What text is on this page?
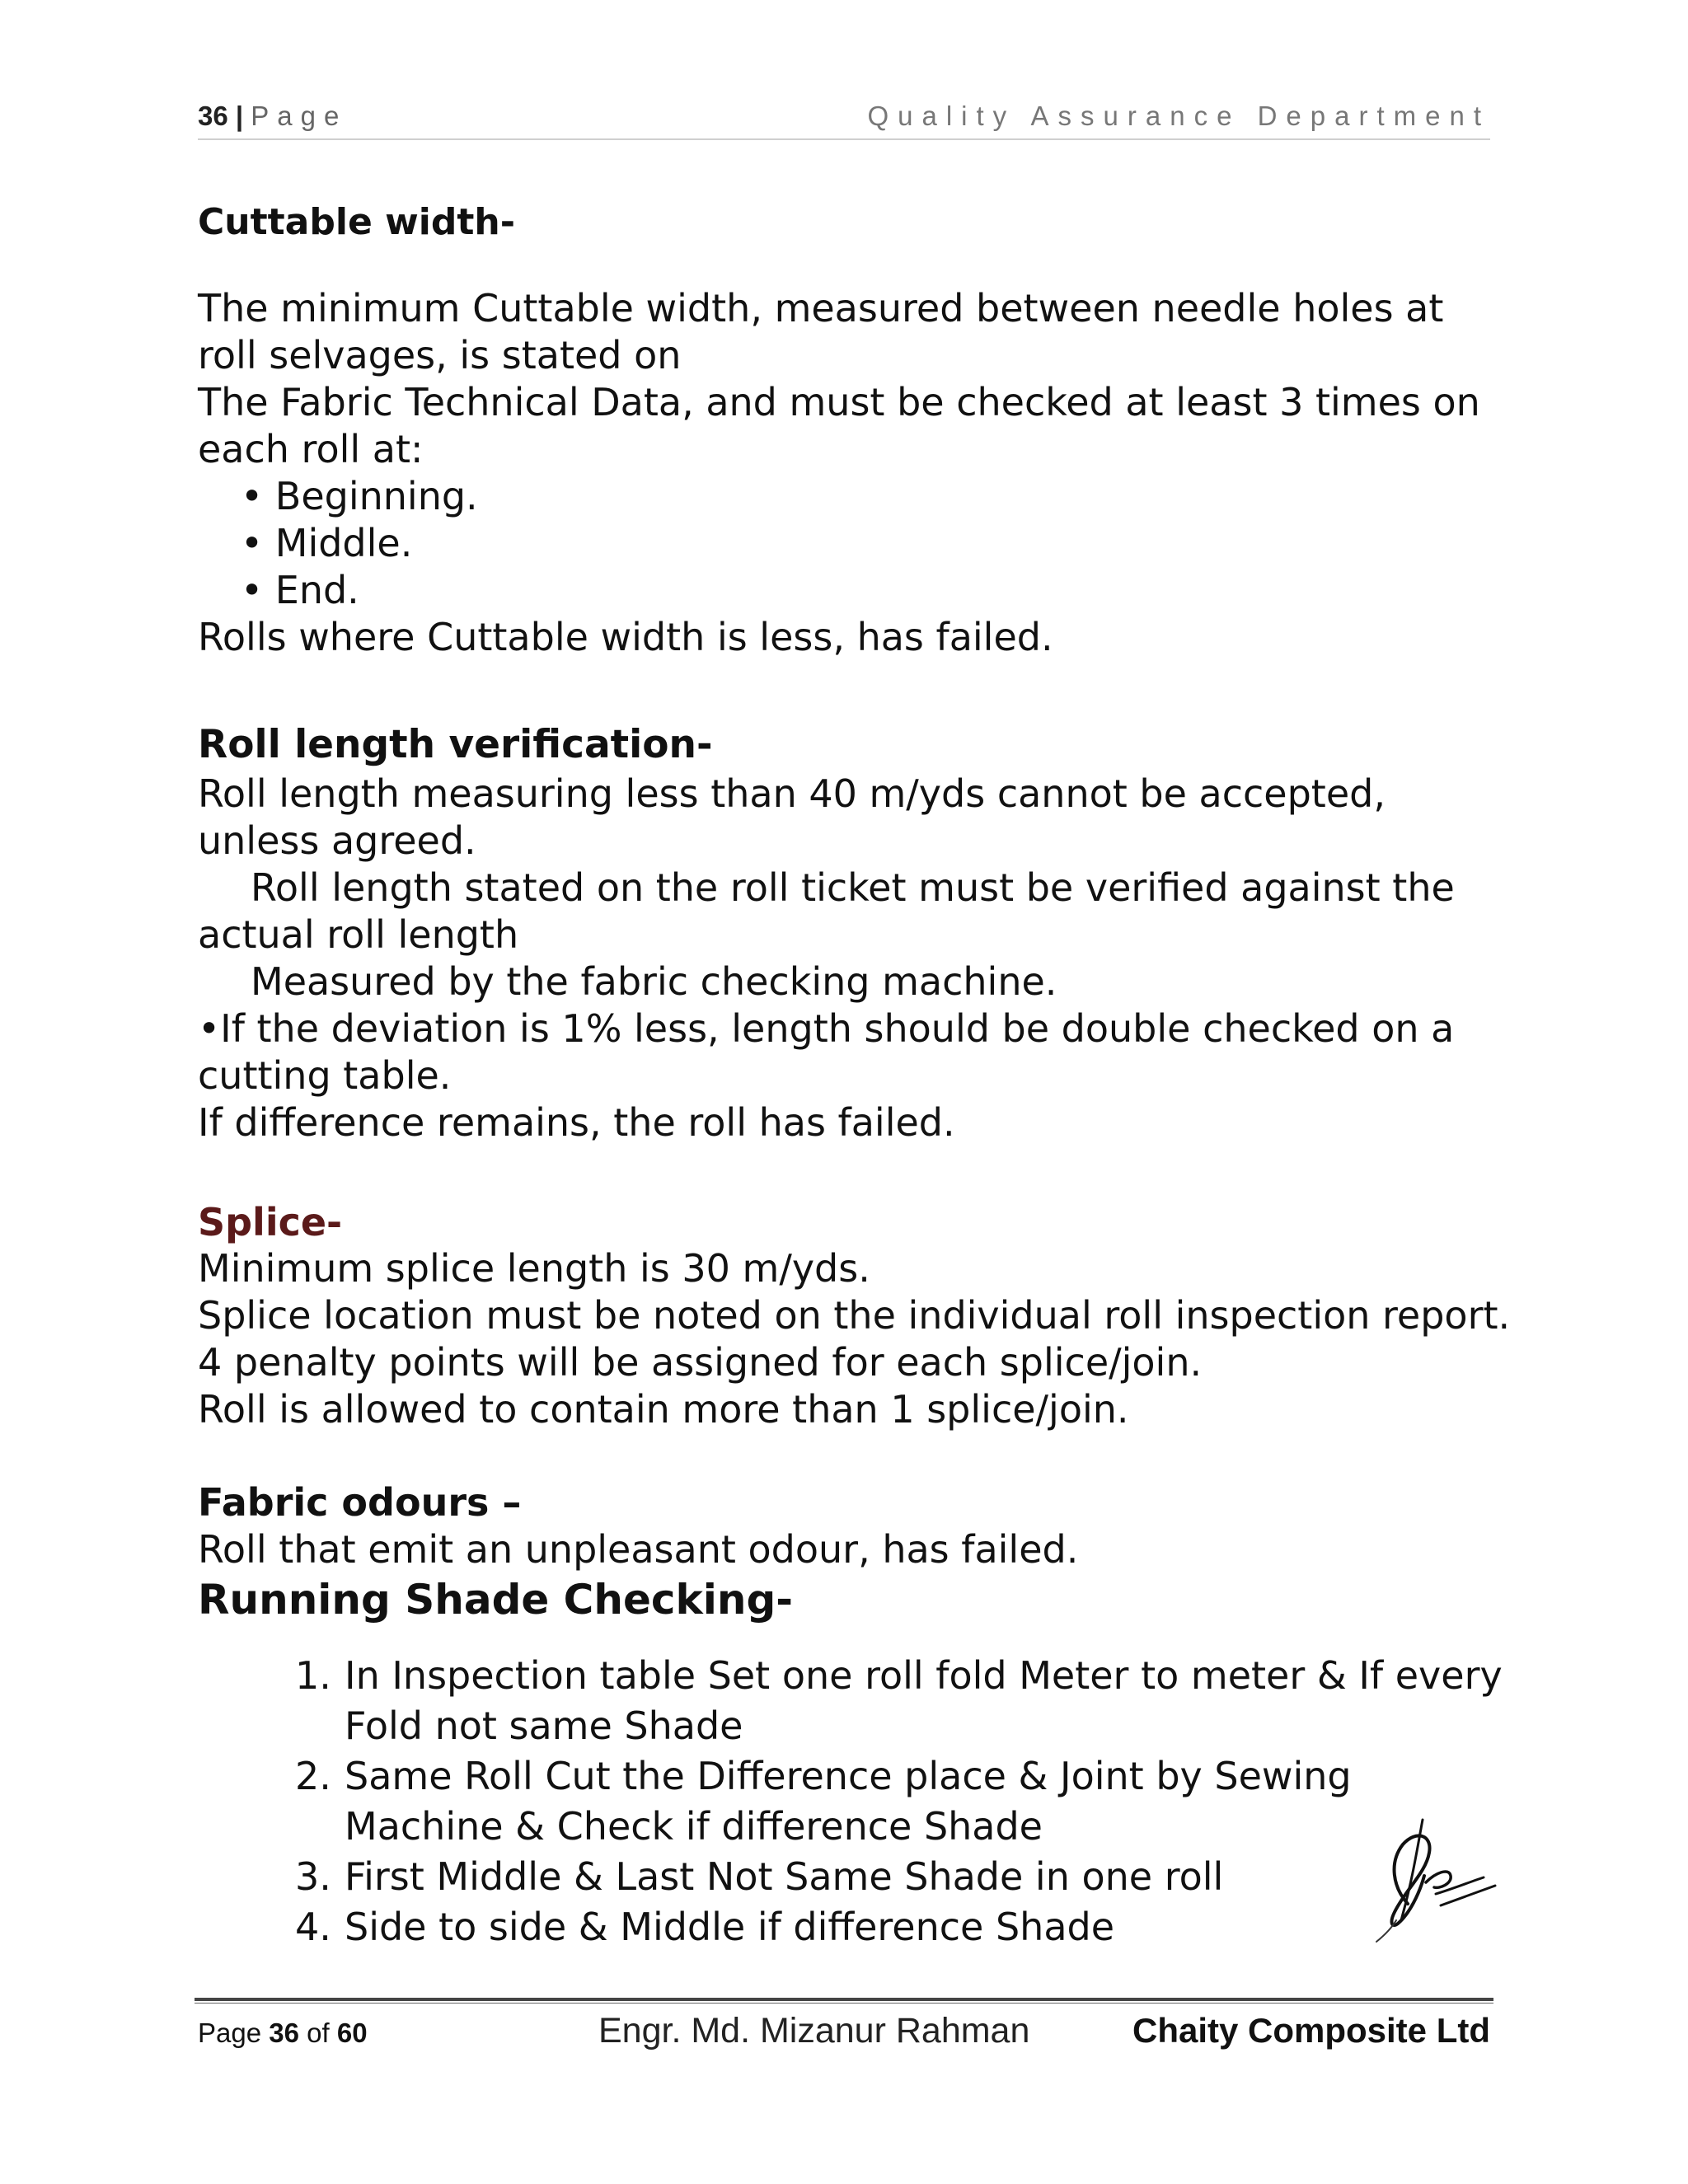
36 | Page	Quality Assurance Department
Cuttable width-
The minimum Cuttable width, measured between needle holes at
roll selvages, is stated on
The Fabric Technical Data, and must be checked at least 3 times on
each roll at:
• Beginning.
• Middle.
• End.
Rolls where Cuttable width is less, has failed.
Roll length verification-
Roll length measuring less than 40 m/yds cannot be accepted,
unless agreed.
Roll length stated on the roll ticket must be verified against the
actual roll length
Measured by the fabric checking machine.
•If the deviation is 1% less, length should be double checked on a
cutting table.
If difference remains, the roll has failed.
Splice-
Minimum splice length is 30 m/yds.
Splice location must be noted on the individual roll inspection report.
4 penalty points will be assigned for each splice/join.
Roll is allowed to contain more than 1 splice/join.
Fabric odours –
Roll that emit an unpleasant odour, has failed.
Running Shade Checking-
1. In Inspection table Set one roll fold Meter to meter & If every
Fold not same Shade
2. Same Roll Cut the Difference place & Joint by Sewing
Machine & Check if difference Shade
3. First Middle & Last Not Same Shade in one roll
4. Side to side & Middle if difference Shade
Page 36 of 60	Engr. Md. Mizanur Rahman	Chaity Composite Ltd
